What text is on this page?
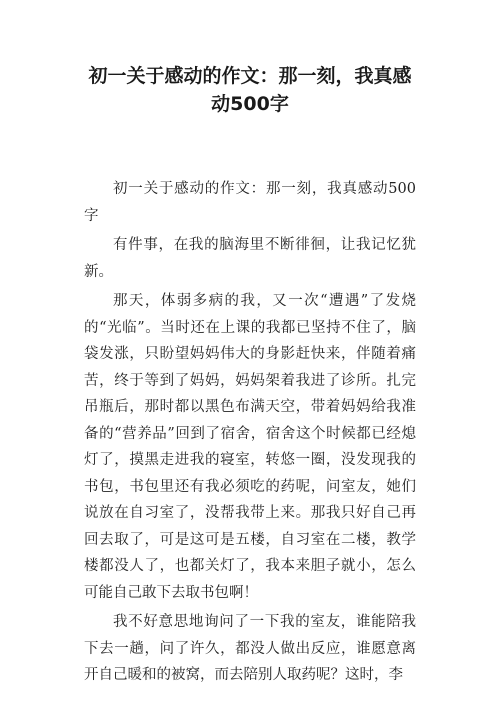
初一关于感动的作文：那一刻，我真感动500字

初一关于感动的作文：那一刻，我真感动500字

有件事，在我的脑海里不断徘徊，让我记忆犹新。

那天，体弱多病的我，又一次“遭遇”了发烧的“光临”。当时还在上课的我都已坚持不住了，脑袋发涨，只盼望妈妈伟大的身影赶快来，伴随着痛苦，终于等到了妈妈，妈妈架着我进了诊所。扎完吊瓶后，那时都以黑色布满天空，带着妈妈给我准备的“营养品”回到了宿舍，宿舍这个时候都已经熄灯了，摸黑走进我的寝室，转悠一圈，没发现我的书包，书包里还有我必须吃的药呢，问室友，她们说放在自习室了，没帮我带上来。那我只好自己再回去取了，可是这可是五楼，自习室在二楼，教学楼都没人了，也都关灯了，我本来胆子就小，怎么可能自己敢下去取书包啊！

我不好意思地询问了一下我的室友，谁能陪我下去一趟，问了许久，都没人做出反应，谁愿意离开自己暖和的被窝，而去陪别人取药呢？这时，李
